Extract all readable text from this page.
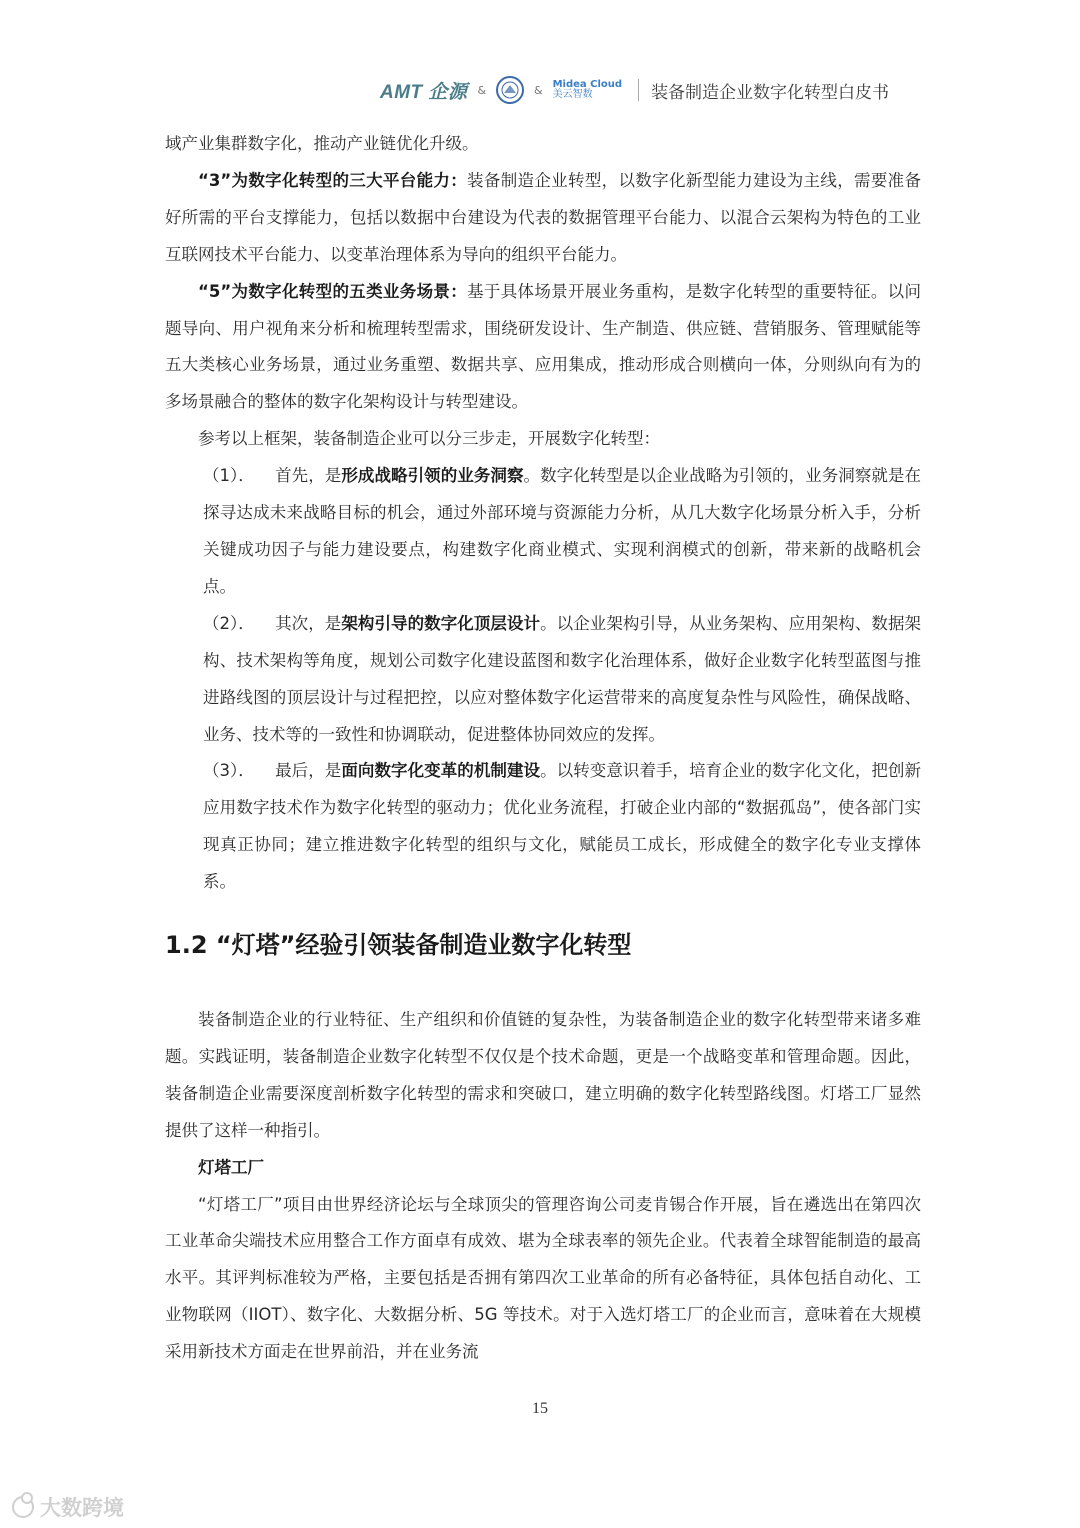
AMT 企源 &	& Midea Cloud
美云智数	装备制造企业数字化转型白皮书

域产业集群数字化，推动产业链优化升级。

“3”为数字化转型的三大平台能力：装备制造企业转型，以数字化新型能力建设为主线，需要准备好所需的平台支撑能力，包括以数据中台建设为代表的数据管理平台能力、以混合云架构为特色的工业互联网技术平台能力、以变革治理体系为导向的组织平台能力。

“5”为数字化转型的五类业务场景：基于具体场景开展业务重构，是数字化转型的重要特征。以问题导向、用户视角来分析和梳理转型需求，围绕研发设计、生产制造、供应链、营销服务、管理赋能等五大类核心业务场景，通过业务重塑、数据共享、应用集成，推动形成合则横向一体，分则纵向有为的多场景融合的整体的数字化架构设计与转型建设。

参考以上框架，装备制造企业可以分三步走，开展数字化转型：

（1）． 首先，是形成战略引领的业务洞察。数字化转型是以企业战略为引领的，业务洞察就是在探寻达成未来战略目标的机会，通过外部环境与资源能力分析，从几大数字化场景分析入手，分析关键成功因子与能力建设要点，构建数字化商业模式、实现利润模式的创新，带来新的战略机会点。

（2）． 其次，是架构引导的数字化顶层设计。以企业架构引导，从业务架构、应用架构、数据架构、技术架构等角度，规划公司数字化建设蓝图和数字化治理体系，做好企业数字化转型蓝图与推进路线图的顶层设计与过程把控，以应对整体数字化运营带来的高度复杂性与风险性，确保战略、业务、技术等的一致性和协调联动，促进整体协同效应的发挥。

（3）． 最后，是面向数字化变革的机制建设。以转变意识着手，培育企业的数字化文化，把创新应用数字技术作为数字化转型的驱动力；优化业务流程，打破企业内部的“数据孤岛”，使各部门实现真正协同；建立推进数字化转型的组织与文化，赋能员工成长，形成健全的数字化专业支撑体系。

1.2 “灯塔”经验引领装备制造业数字化转型

装备制造企业的行业特征、生产组织和价值链的复杂性，为装备制造企业的数字化转型带来诸多难题。实践证明，装备制造企业数字化转型不仅仅是个技术命题，更是一个战略变革和管理命题。因此，装备制造企业需要深度剖析数字化转型的需求和突破口，建立明确的数字化转型路线图。灯塔工厂显然提供了这样一种指引。

灯塔工厂

“灯塔工厂”项目由世界经济论坛与全球顶尖的管理咨询公司麦肯锡合作开展，旨在遴选出在第四次工业革命尖端技术应用整合工作方面卓有成效、堪为全球表率的领先企业。代表着全球智能制造的最高水平。其评判标准较为严格，主要包括是否拥有第四次工业革命的所有必备特征，具体包括自动化、工业物联网（IIOT）、数字化、大数据分析、5G 等技术。对于入选灯塔工厂的企业而言，意味着在大规模采用新技术方面走在世界前沿，并在业务流

15
大数跨境
